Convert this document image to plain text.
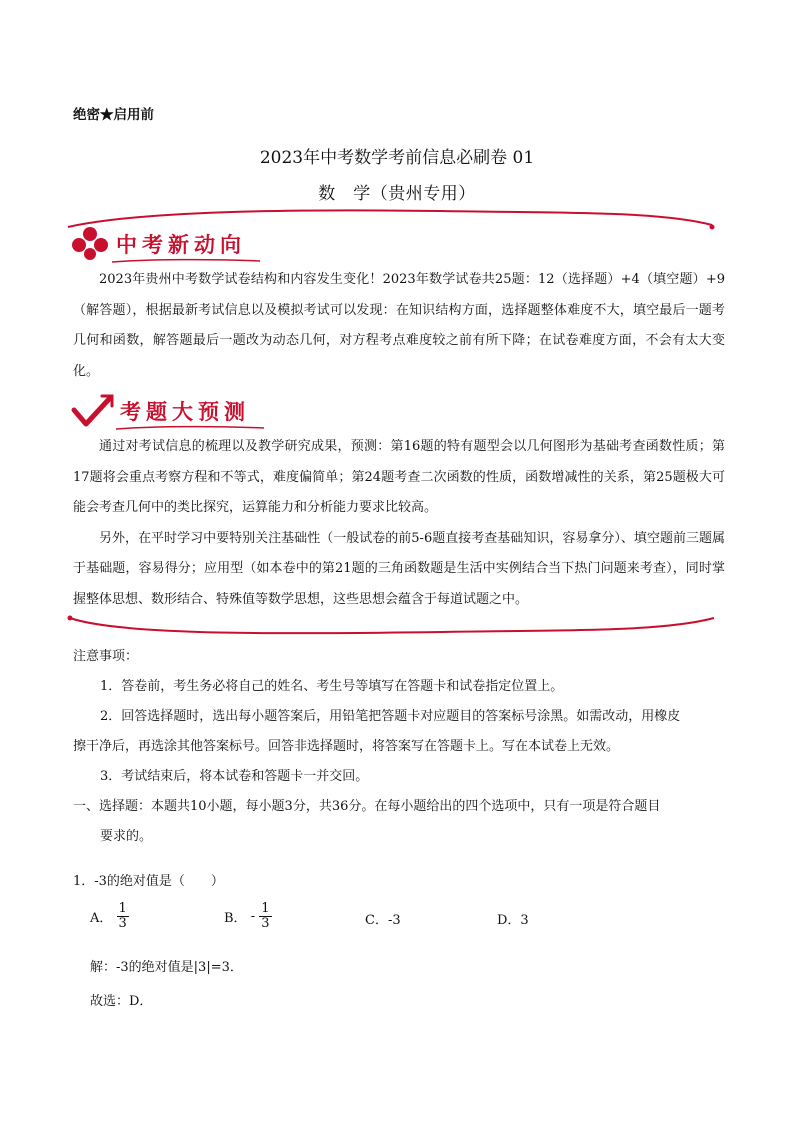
绝密★启用前
2023年中考数学考前信息必刷卷 01
数　学（贵州专用）
中考新动向

2023年贵州中考数学试卷结构和内容发生变化！2023年数学试卷共25题：12（选择题）+4（填空题）+9（解答题），根据最新考试信息以及模拟考试可以发现：在知识结构方面，选择题整体难度不大，填空最后一题考几何和函数，解答题最后一题改为动态几何，对方程考点难度较之前有所下降；在试卷难度方面，不会有太大变化。

考题大预测

通过对考试信息的梳理以及教学研究成果，预测：第16题的特有题型会以几何图形为基础考查函数性质；第17题将会重点考察方程和不等式，难度偏简单；第24题考查二次函数的性质，函数增减性的关系，第25题极大可能会考查几何中的类比探究，运算能力和分析能力要求比较高。

另外，在平时学习中要特别关注基础性（一般试卷的前5-6题直接考查基础知识，容易拿分）、填空题前三题属于基础题，容易得分；应用型（如本卷中的第21题的三角函数题是生活中实例结合当下热门问题来考查），同时掌握整体思想、数形结合、特殊值等数学思想，这些思想会蕴含于每道试题之中。

注意事项：
1．答卷前，考生务必将自己的姓名、考生号等填写在答题卡和试卷指定位置上。
2．回答选择题时，选出每小题答案后，用铅笔把答题卡对应题目的答案标号涂黑。如需改动，用橡皮
擦干净后，再选涂其他答案标号。回答非选择题时，将答案写在答题卡上。写在本试卷上无效。
3．考试结束后，将本试卷和答题卡一并交回。
一、选择题：本题共10小题，每小题3分，共36分。在每小题给出的四个选项中，只有一项是符合题目
要求的。
1．-3的绝对值是（　　）
A． $\frac{1}{3}$	B． - $\frac{1}{3}$	C．-3	D．3
解：-3的绝对值是|3|=3．
故选：D．
